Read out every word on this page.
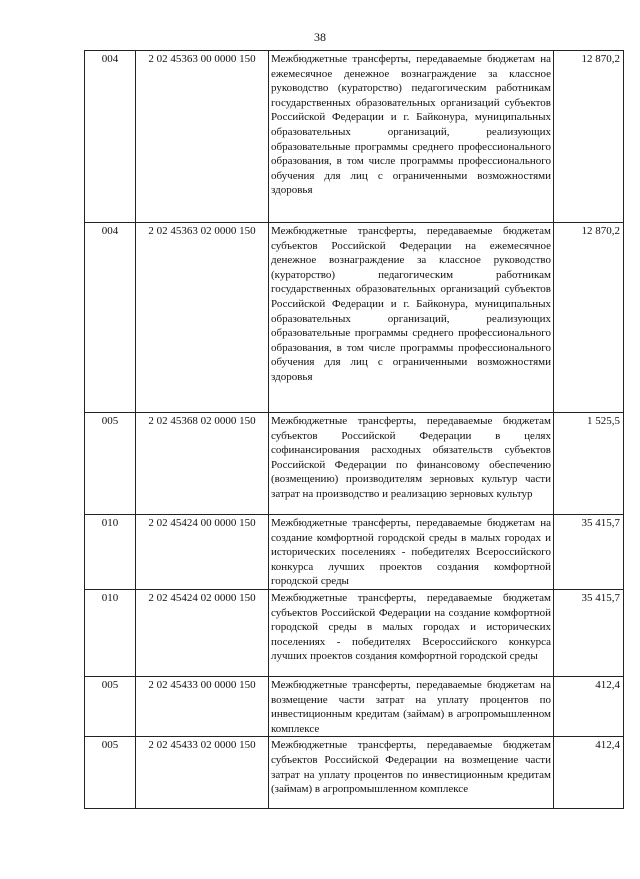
38
004	2 02 45363 00 0000 150	Межбюджетные трансферты, передаваемые бюджетам на ежемесячное денежное вознаграждение за классное руководство (кураторство) педагогическим работникам государственных образовательных организаций субъектов Российской Федерации и г. Байконура, муниципальных образовательных организаций, реализующих образовательные программы среднего профессионального образования, в том числе программы профессионального обучения для лиц с ограниченными возможностями здоровья	12 870,2
004	2 02 45363 02 0000 150	Межбюджетные трансферты, передаваемые бюджетам субъектов Российской Федерации на ежемесячное денежное вознаграждение за классное руководство (кураторство) педагогическим работникам государственных образовательных организаций субъектов Российской Федерации и г. Байконура, муниципальных образовательных организаций, реализующих образовательные программы среднего профессионального образования, в том числе программы профессионального обучения для лиц с ограниченными возможностями здоровья	12 870,2
005	2 02 45368 02 0000 150	Межбюджетные трансферты, передаваемые бюджетам субъектов Российской Федерации в целях софинансирования расходных обязательств субъектов Российской Федерации по финансовому обеспечению (возмещению) производителям зерновых культур части затрат на производство и реализацию зерновых культур	1 525,5
010	2 02 45424 00 0000 150	Межбюджетные трансферты, передаваемые бюджетам на создание комфортной городской среды в малых городах и исторических поселениях - победителях Всероссийского конкурса лучших проектов создания комфортной городской среды	35 415,7
010	2 02 45424 02 0000 150	Межбюджетные трансферты, передаваемые бюджетам субъектов Российской Федерации на создание комфортной городской среды в малых городах и исторических поселениях - победителях Всероссийского конкурса лучших проектов создания комфортной городской среды	35 415,7
005	2 02 45433 00 0000 150	Межбюджетные трансферты, передаваемые бюджетам на возмещение части затрат на уплату процентов по инвестиционным кредитам (займам) в агропромышленном комплексе	412,4
005	2 02 45433 02 0000 150	Межбюджетные трансферты, передаваемые бюджетам субъектов Российской Федерации на возмещение части затрат на уплату процентов по инвестиционным кредитам (займам) в агропромышленном комплексе	412,4
